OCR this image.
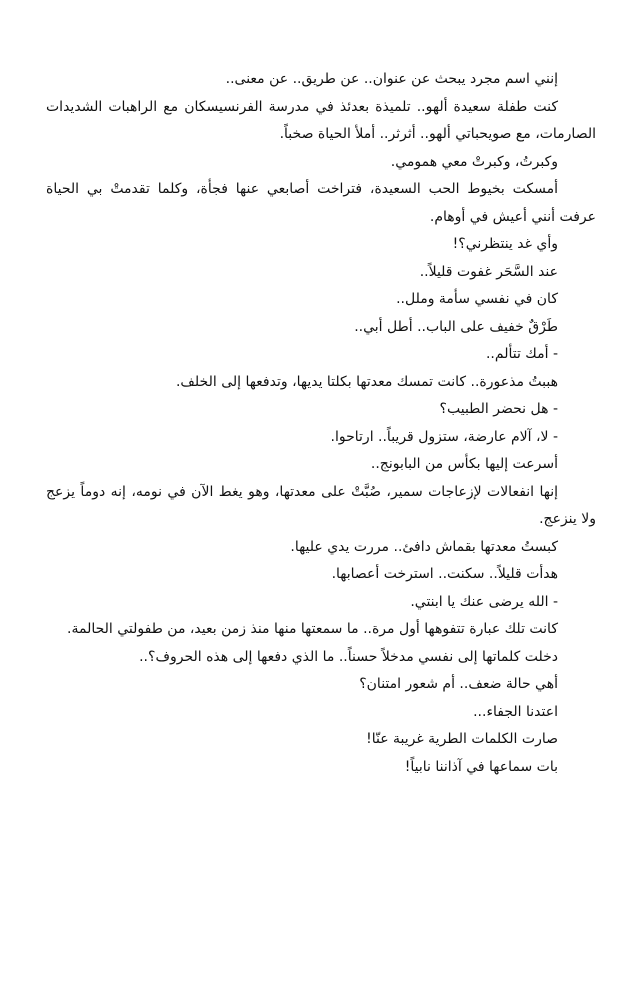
إنني اسم مجرد يبحث عن عنوان.. عن طريق.. عن معنى..

كنت طفلة سعيدة ألهو.. تلميذة بعدئذ في مدرسة الفرنسيسكان مع الراهبات الشديدات الصارمات، مع صويحباتي ألهو.. أثرثر.. أملأ الحياة صخباً.

وكبرتُ، وكبرتْ معي همومي.

أمسكت بخيوط الحب السعيدة، فتراخت أصابعي عنها فجأة، وكلما تقدمتْ بي الحياة عرفت أنني أعيش في أوهام.

وأي غد ينتظرني؟!

عند السَّحَر غفوت قليلاً..

كان في نفسي سأمة وملل..

طَرْقٌ خفيف على الباب.. أطل أبي..

- أمك تتألم..

هببتُ مذعورة.. كانت تمسك معدتها بكلتا يديها، وتدفعها إلى الخلف.

- هل نحضر الطبيب؟

- لا، آلام عارضة، ستزول قريباً.. ارتاحوا.

أسرعت إليها بكأس من البابونج..

إنها انفعالات لإزعاجات سمير، صُبَّتْ على معدتها، وهو يغط الآن في نومه، إنه دوماً يزعج ولا ينزعج.

كبستُ معدتها بقماش دافئ.. مررت يدي عليها.

هدأت قليلاً.. سكنت.. استرخت أعصابها.

- الله يرضى عنك يا ابنتي.

كانت تلك عبارة تتفوهها أول مرة.. ما سمعتها منها منذ زمن بعيد، من طفولتي الحالمة.

دخلت كلماتها إلى نفسي مدخلاً حسناً.. ما الذي دفعها إلى هذه الحروف؟..

أهي حالة ضعف.. أم شعور امتنان؟

اعتدنا الجفاء...

صارت الكلمات الطرية غريبة عنّا!

بات سماعها في آذاننا نابياً!
